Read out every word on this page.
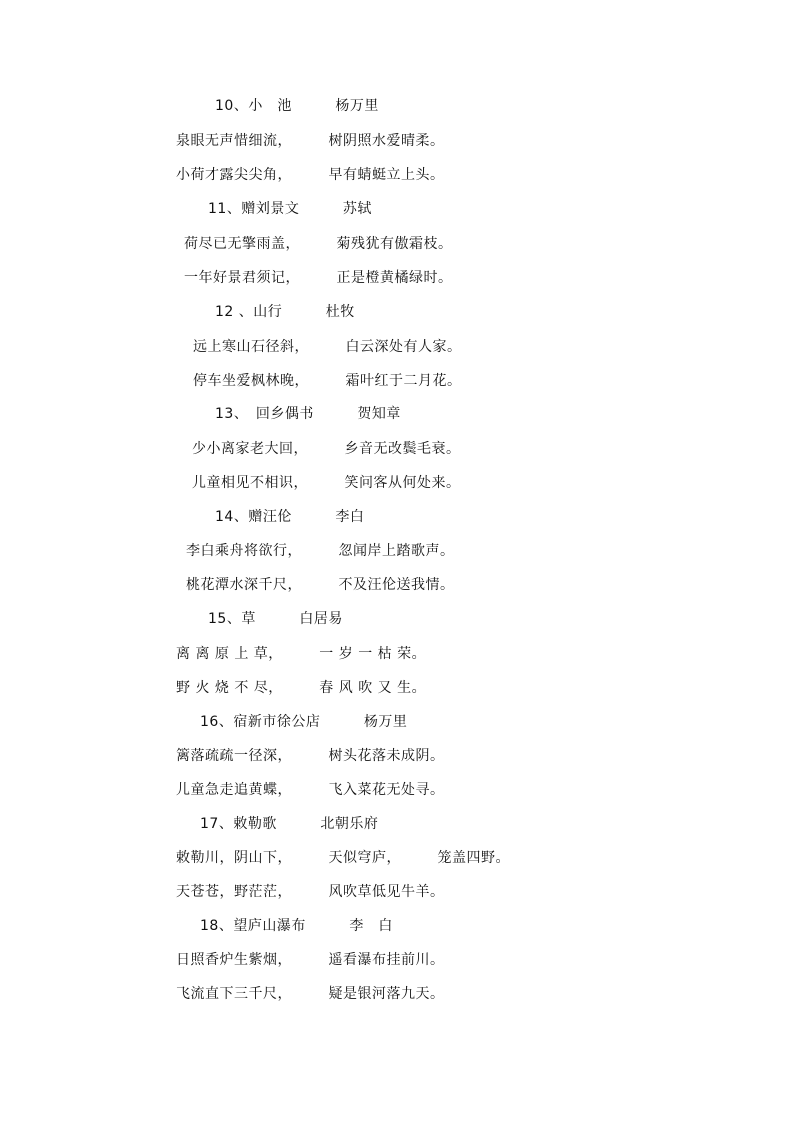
10、小　池　　　杨万里
泉眼无声惜细流，　　　树阴照水爱晴柔。
小荷才露尖尖角，　　　早有蜻蜓立上头。
11、赠刘景文　　　苏轼
荷尽已无擎雨盖，　　　菊残犹有傲霜枝。
一年好景君须记，　　　正是橙黄橘绿时。
12 、山行　　　杜牧
远上寒山石径斜，　　　白云深处有人家。
停车坐爱枫林晚，　　　霜叶红于二月花。
13、　回乡偶书　　　贺知章
少小离家老大回，　　　乡音无改鬓毛衰。
儿童相见不相识，　　　笑问客从何处来。
14、赠汪伦　　　李白
李白乘舟将欲行，　　　忽闻岸上踏歌声。
桃花潭水深千尺，　　　不及汪伦送我情。
15、草　　　白居易
离 离 原 上 草，　　　一 岁 一 枯 荣。
野 火 烧 不 尽，　　　春 风 吹 又 生。
16、宿新市徐公店　　　杨万里
篱落疏疏一径深，　　　树头花落未成阴。
儿童急走追黄蝶，　　　飞入菜花无处寻。
17、敕勒歌　　　北朝乐府
敕勒川，阴山下，　　　天似穹庐，　　　笼盖四野。
天苍苍，野茫茫，　　　风吹草低见牛羊。
18、望庐山瀑布　　　李　白
日照香炉生紫烟，　　　遥看瀑布挂前川。
飞流直下三千尺，　　　疑是银河落九天。
